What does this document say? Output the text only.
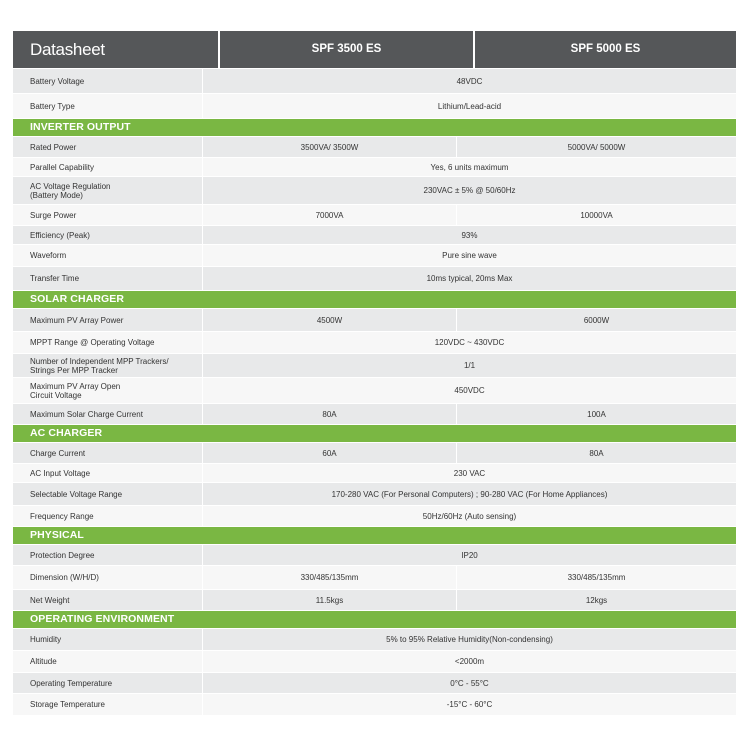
Datasheet	SPF 3500 ES	SPF 5000 ES
Battery Voltage	48VDC
Battery Type	Lithium/Lead-acid
INVERTER OUTPUT
Rated Power	3500VA/ 3500W	5000VA/ 5000W
Parallel Capability	Yes, 6 units maximum
AC Voltage Regulation
(Battery Mode)	230VAC ± 5% @ 50/60Hz
Surge Power	7000VA	10000VA
Efficiency (Peak)	93%
Waveform	Pure sine wave
Transfer Time	10ms typical, 20ms Max
SOLAR CHARGER
Maximum PV Array Power	4500W	6000W
MPPT Range @ Operating Voltage	120VDC ~ 430VDC
Number of Independent MPP Trackers/
Strings Per MPP Tracker	1/1
Maximum PV Array Open
Circuit Voltage	450VDC
Maximum Solar Charge Current	80A	100A
AC CHARGER
Charge Current	60A	80A
AC Input Voltage	230 VAC
Selectable Voltage Range	170-280 VAC (For Personal Computers) ; 90-280 VAC (For Home Appliances)
Frequency Range	50Hz/60Hz (Auto sensing)
PHYSICAL
Protection Degree	IP20
Dimension (W/H/D)	330/485/135mm	330/485/135mm
Net Weight	11.5kgs	12kgs
OPERATING ENVIRONMENT
Humidity	5% to 95% Relative Humidity(Non-condensing)
Altitude	<2000m
Operating Temperature	0°C - 55°C
Storage Temperature	-15°C - 60°C
